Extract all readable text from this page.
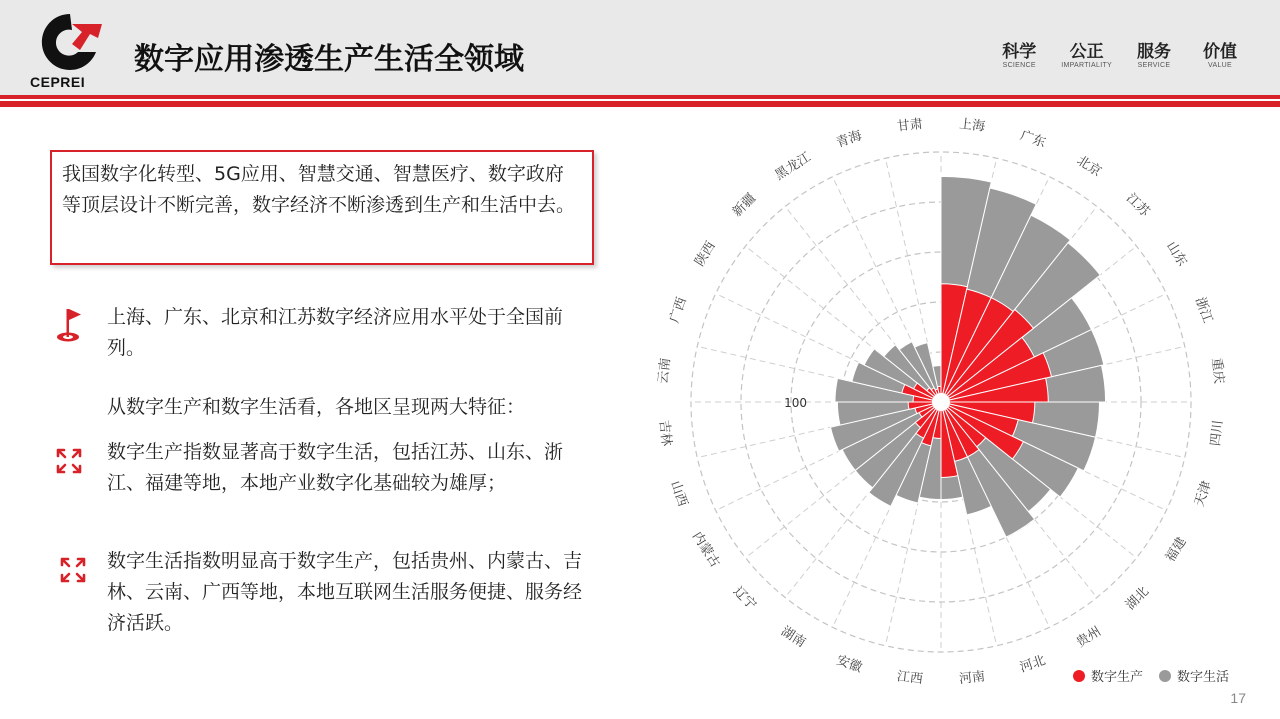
CEPREI
数字应用渗透生产生活全领域	科学
SCIENCE
公正
IMPARTIALITY
服务
SERVICE
价值
VALUE
我国数字化转型、5G应用、智慧交通、智慧医疗、数字政府等顶层设计不断完善，数字经济不断渗透到生产和生活中去。
上海、广东、北京和江苏数字经济应用水平处于全国前列。
从数字生产和数字生活看，各地区呈现两大特征：
数字生产指数显著高于数字生活，包括江苏、山东、浙江、福建等地，本地产业数字化基础较为雄厚；
数字生活指数明显高于数字生产，包括贵州、内蒙古、吉林、云南、广西等地，本地互联网生活服务便捷、服务经济活跃。
上海
广东
北京
江苏
山东
浙江
重庆
四川
天津
福建
湖北
贵州
河北
河南
江西
安徽
湖南
辽宁
内蒙古
山西
吉林
云南
广西
陕西
新疆
黑龙江
青海
甘肃
100
数字生产	数字生活
17
